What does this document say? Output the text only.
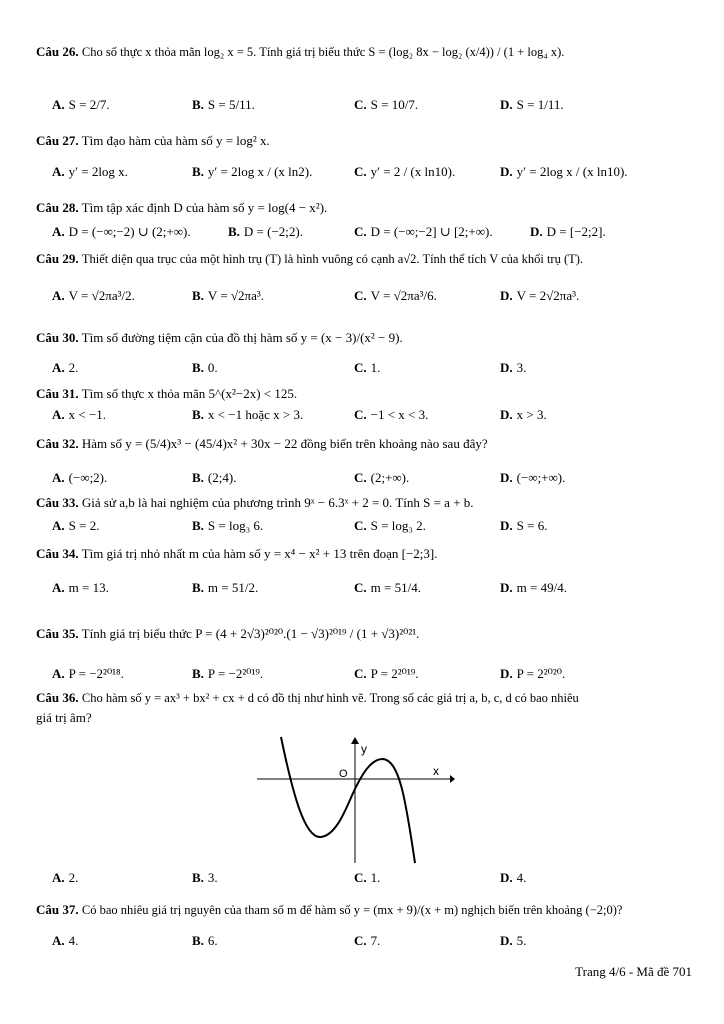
Câu 26. Cho số thực x thỏa mãn log₂ x = 5. Tính giá trị biểu thức S = (log₂ 8x − log₂ (x/4)) / (1 + log₄ x).
A. S = 2/7.	B. S = 5/11.	C. S = 10/7.	D. S = 1/11.
Câu 27. Tìm đạo hàm của hàm số y = log² x.
A. y′ = 2log x.	B. y′ = 2log x / (x ln2).	C. y′ = 2 / (x ln10).	D. y′ = 2log x / (x ln10).
Câu 28. Tìm tập xác định D của hàm số y = log(4 − x²).
A. D = (−∞;−2) ∪ (2;+∞).	B. D = (−2;2).	C. D = (−∞;−2] ∪ [2;+∞).	D. D = [−2;2].
Câu 29. Thiết diện qua trục của một hình trụ (T) là hình vuông có cạnh a√2. Tính thể tích V của khối trụ (T).
A. V = √2πa³/2.	B. V = √2πa³.	C. V = √2πa³/6.	D. V = 2√2πa³.
Câu 30. Tìm số đường tiệm cận của đồ thị hàm số y = (x − 3)/(x² − 9).
A. 2.	B. 0.	C. 1.	D. 3.
Câu 31. Tìm số thực x thỏa mãn 5^(x²−2x) < 125.
A. x < −1.	B. x < −1 hoặc x > 3.	C. −1 < x < 3.	D. x > 3.
Câu 32. Hàm số y = (5/4)x³ − (45/4)x² + 30x − 22 đồng biến trên khoảng nào sau đây?
A. (−∞;2).	B. (2;4).	C. (2;+∞).	D. (−∞;+∞).
Câu 33. Giả sử a,b là hai nghiệm của phương trình 9ˣ − 6.3ˣ + 2 = 0. Tính S = a + b.
A. S = 2.	B. S = log₃ 6.	C. S = log₃ 2.	D. S = 6.
Câu 34. Tìm giá trị nhỏ nhất m của hàm số y = x⁴ − x² + 13 trên đoạn [−2;3].
A. m = 13.	B. m = 51/2.	C. m = 51/4.	D. m = 49/4.
Câu 35. Tính giá trị biểu thức P = (4 + 2√3)²⁰²⁰.(1 − √3)²⁰¹⁹ / (1 + √3)²⁰²¹.
A. P = −2²⁰¹⁸.	B. P = −2²⁰¹⁹.	C. P = 2²⁰¹⁹.	D. P = 2²⁰²⁰.
Câu 36. Cho hàm số y = ax³ + bx² + cx + d có đồ thị như hình vẽ. Trong số các giá trị a, b, c, d có bao nhiêu
giá trị âm?
y
x
O
A. 2.	B. 3.	C. 1.	D. 4.
Câu 37. Có bao nhiêu giá trị nguyên của tham số m để hàm số y = (mx + 9)/(x + m) nghịch biến trên khoảng (−2;0)?
A. 4.	B. 6.	C. 7.	D. 5.
Trang 4/6 - Mã đề 701
